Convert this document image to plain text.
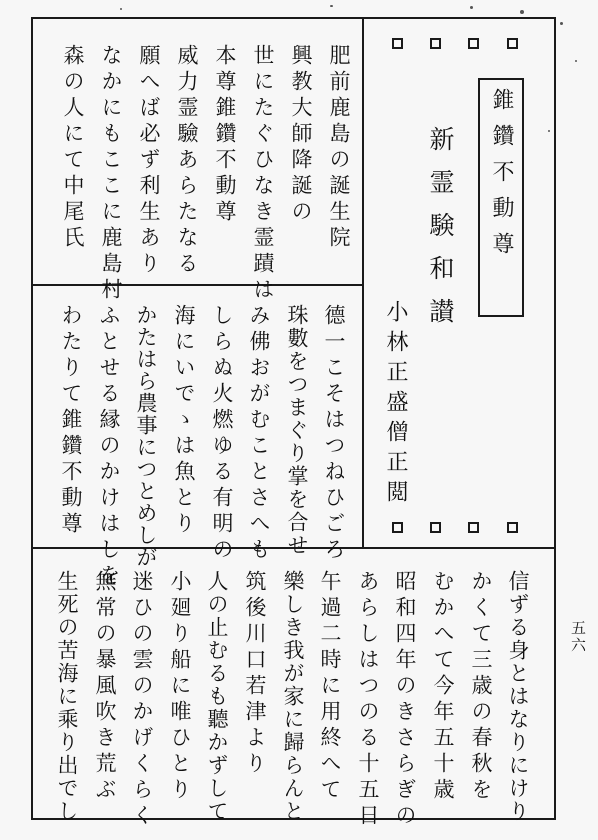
錐鑽不動尊
新霊験和讃
小林正盛僧正閲
肥前鹿島の誕生院
興教大師降誕の
世にたぐひなき霊蹟は
本尊錐鑽不動尊
威力霊驗あらたなる
願へば必ず利生あり
なかにもここに鹿島村
森の人にて中尾氏
德一こそはつねひごろ
珠數をつまぐり掌を合せ
み佛おがむことさへも
しらぬ火燃ゆる有明の
海にいでゝは魚とり
かたはら農事につとめしが
ふとせる縁のかけはしを
わたりて錐鑽不動尊
信ずる身とはなりにけり
かくて三歳の春秋を
むかへて今年五十歳
昭和四年のきさらぎの
あらしはつのる十五日
午過二時に用終へて
樂しき我が家に歸らんと
筑後川口若津より
人の止むるも聽かずして
小廻り船に唯ひとり
迷ひの雲のかげくらく
無常の暴風吹き荒ぶ
生死の苦海に乘り出でし	五六
